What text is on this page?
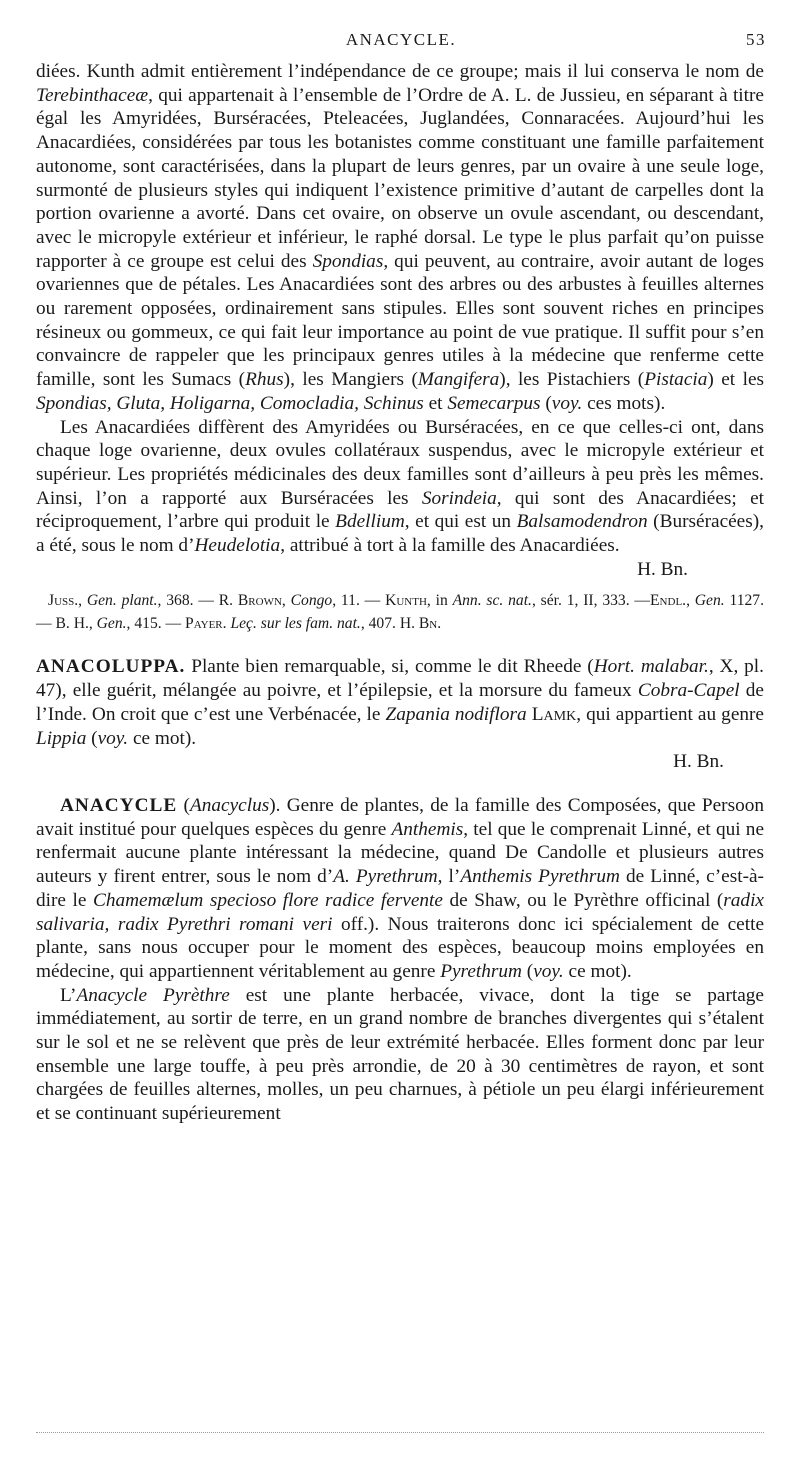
ANACYCLE.	53

diées. Kunth admit entièrement l’indépendance de ce groupe; mais il lui conserva le nom de Terebinthaceæ, qui appartenait à l’ensemble de l’Ordre de A. L. de Jussieu, en séparant à titre égal les Amyridées, Burséracées, Pteleacées, Juglandées, Connaracées. Aujourd’hui les Anacardiées, considérées par tous les botanistes comme constituant une famille parfaitement autonome, sont caractérisées, dans la plupart de leurs genres, par un ovaire à une seule loge, surmonté de plusieurs styles qui indiquent l’existence primitive d’autant de carpelles dont la portion ovarienne a avorté. Dans cet ovaire, on observe un ovule ascendant, ou descendant, avec le micropyle extérieur et inférieur, le raphé dorsal. Le type le plus parfait qu’on puisse rapporter à ce groupe est celui des Spondias, qui peuvent, au contraire, avoir autant de loges ovariennes que de pétales. Les Anacardiées sont des arbres ou des arbustes à feuilles alternes ou rarement opposées, ordinairement sans stipules. Elles sont souvent riches en principes résineux ou gommeux, ce qui fait leur importance au point de vue pratique. Il suffit pour s’en convaincre de rappeler que les principaux genres utiles à la médecine que renferme cette famille, sont les Sumacs (Rhus), les Mangiers (Mangifera), les Pistachiers (Pistacia) et les Spondias, Gluta, Holigarna, Comocladia, Schinus et Semecarpus (voy. ces mots).

Les Anacardiées diffèrent des Amyridées ou Burséracées, en ce que celles-ci ont, dans chaque loge ovarienne, deux ovules collatéraux suspendus, avec le micropyle extérieur et supérieur. Les propriétés médicinales des deux familles sont d’ailleurs à peu près les mêmes. Ainsi, l’on a rapporté aux Burséracées les Sorindeia, qui sont des Anacardiées; et réciproquement, l’arbre qui produit le Bdellium, et qui est un Balsamodendron (Burséracées), a été, sous le nom d’Heudelotia, attribué à tort à la famille des Anacardiées.

H. Bn.

Juss., Gen. plant., 368. — R. Brown, Congo, 11. — Kunth, in Ann. sc. nat., sér. 1, II, 333. —Endl., Gen. 1127. — B. H., Gen., 415. — Payer. Leç. sur les fam. nat., 407. H. Bn.

ANACOLUPPA. Plante bien remarquable, si, comme le dit Rheede (Hort. malabar., X, pl. 47), elle guérit, mélangée au poivre, et l’épilepsie, et la morsure du fameux Cobra-Capel de l’Inde. On croit que c’est une Verbénacée, le Zapania nodiflora Lamk, qui appartient au genre Lippia (voy. ce mot).

H. Bn.

ANACYCLE (Anacyclus). Genre de plantes, de la famille des Composées, que Persoon avait institué pour quelques espèces du genre Anthemis, tel que le comprenait Linné, et qui ne renfermait aucune plante intéressant la médecine, quand De Candolle et plusieurs autres auteurs y firent entrer, sous le nom d’A. Pyrethrum, l’Anthemis Pyrethrum de Linné, c’est-à-dire le Chamemælum specioso flore radice fervente de Shaw, ou le Pyrèthre officinal (radix salivaria, radix Pyrethri romani veri off.). Nous traiterons donc ici spécialement de cette plante, sans nous occuper pour le moment des espèces, beaucoup moins employées en médecine, qui appartiennent véritablement au genre Pyrethrum (voy. ce mot).

L’Anacycle Pyrèthre est une plante herbacée, vivace, dont la tige se partage immédiatement, au sortir de terre, en un grand nombre de branches divergentes qui s’étalent sur le sol et ne se relèvent que près de leur extrémité herbacée. Elles forment donc par leur ensemble une large touffe, à peu près arrondie, de 20 à 30 centimètres de rayon, et sont chargées de feuilles alternes, molles, un peu charnues, à pétiole un peu élargi inférieurement et se continuant supérieurement
